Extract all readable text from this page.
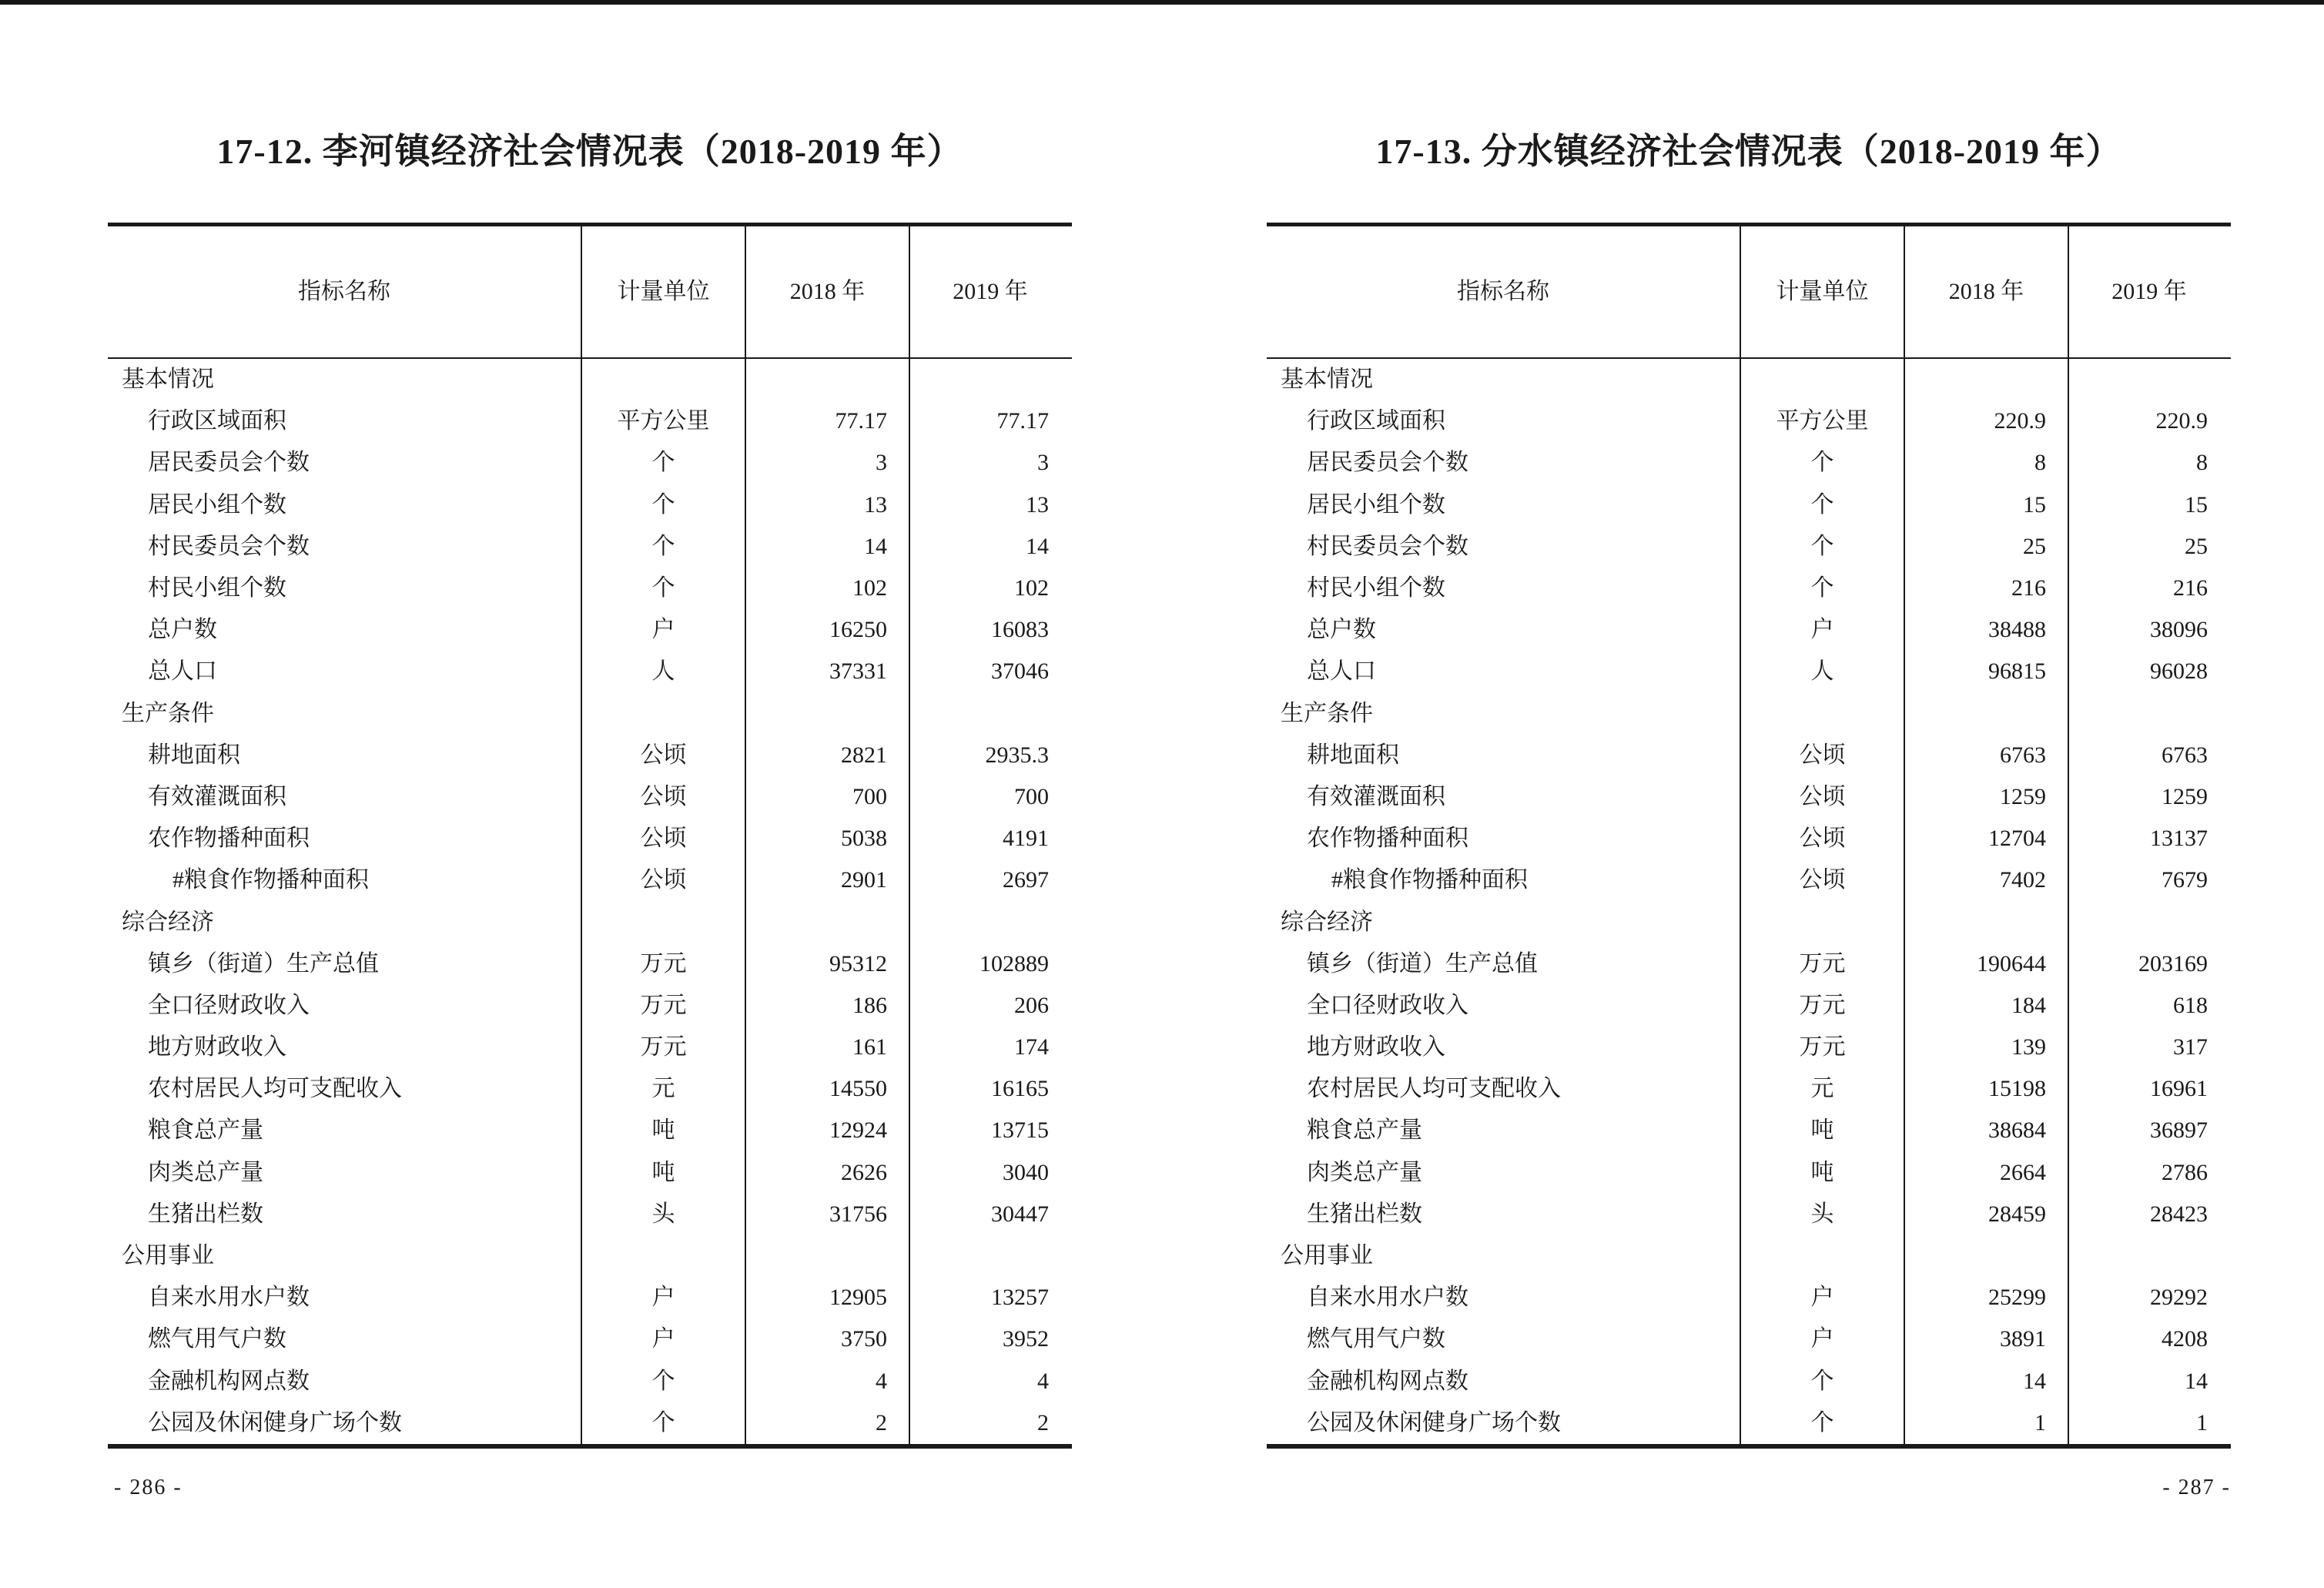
17-12. 李河镇经济社会情况表（2018-2019 年）	17-13. 分水镇经济社会情况表（2018-2019 年）
指标名称	计量单位	2018 年	2019 年
基本情况
行政区域面积	平方公里	77.17	77.17
居民委员会个数	个	3	3
居民小组个数	个	13	13
村民委员会个数	个	14	14
村民小组个数	个	102	102
总户数	户	16250	16083
总人口	人	37331	37046
生产条件
耕地面积	公顷	2821	2935.3
有效灌溉面积	公顷	700	700
农作物播种面积	公顷	5038	4191
#粮食作物播种面积	公顷	2901	2697
综合经济
镇乡（街道）生产总值	万元	95312	102889
全口径财政收入	万元	186	206
地方财政收入	万元	161	174
农村居民人均可支配收入	元	14550	16165
粮食总产量	吨	12924	13715
肉类总产量	吨	2626	3040
生猪出栏数	头	31756	30447
公用事业
自来水用水户数	户	12905	13257
燃气用气户数	户	3750	3952
金融机构网点数	个	4	4
公园及休闲健身广场个数	个	2	2
指标名称	计量单位	2018 年	2019 年
基本情况
行政区域面积	平方公里	220.9	220.9
居民委员会个数	个	8	8
居民小组个数	个	15	15
村民委员会个数	个	25	25
村民小组个数	个	216	216
总户数	户	38488	38096
总人口	人	96815	96028
生产条件
耕地面积	公顷	6763	6763
有效灌溉面积	公顷	1259	1259
农作物播种面积	公顷	12704	13137
#粮食作物播种面积	公顷	7402	7679
综合经济
镇乡（街道）生产总值	万元	190644	203169
全口径财政收入	万元	184	618
地方财政收入	万元	139	317
农村居民人均可支配收入	元	15198	16961
粮食总产量	吨	38684	36897
肉类总产量	吨	2664	2786
生猪出栏数	头	28459	28423
公用事业
自来水用水户数	户	25299	29292
燃气用气户数	户	3891	4208
金融机构网点数	个	14	14
公园及休闲健身广场个数	个	1	1
- 286 -	- 287 -
